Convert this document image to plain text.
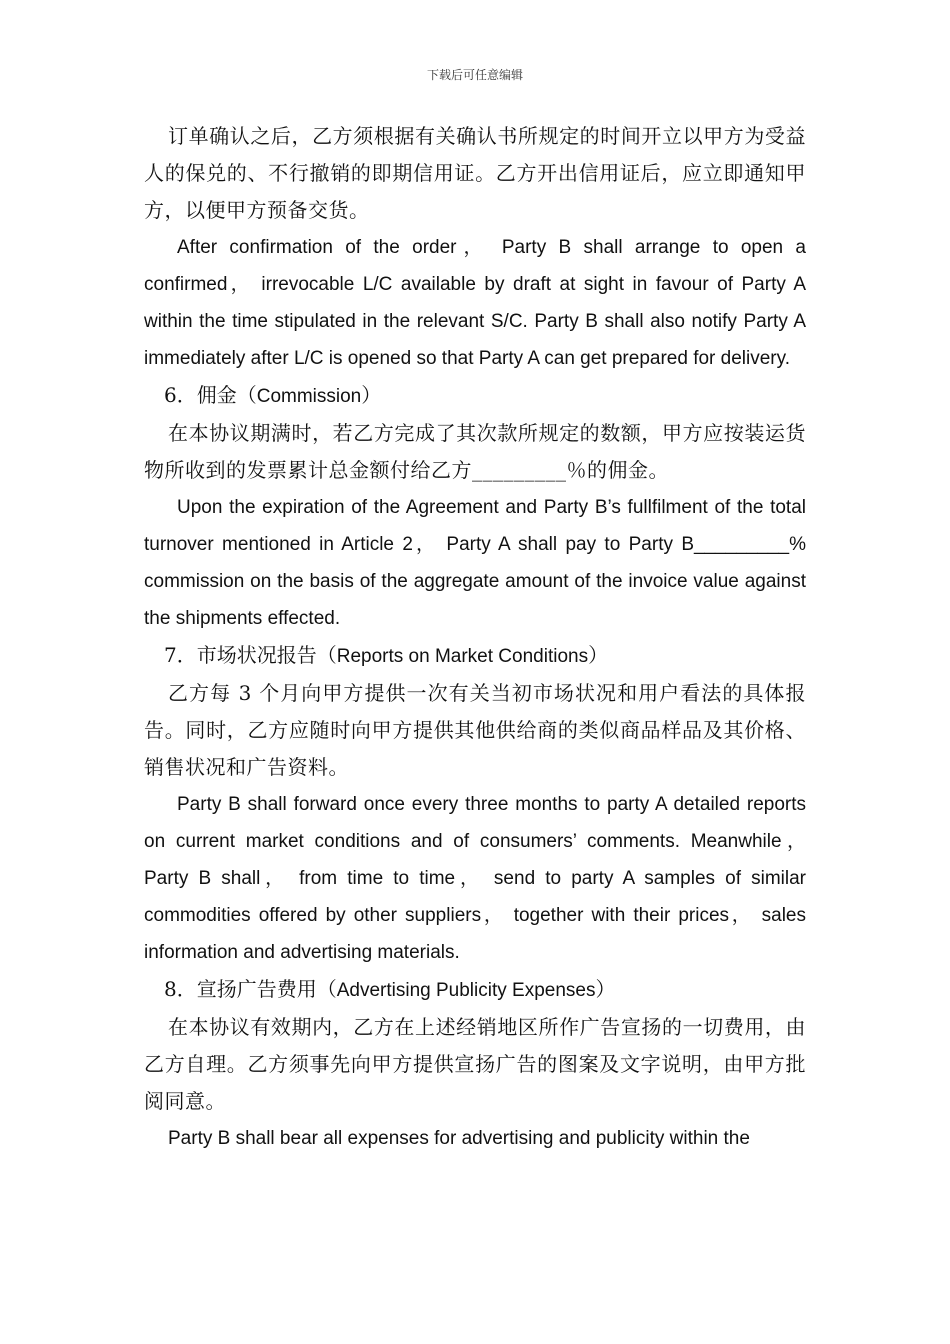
下载后可任意编辑

订单确认之后，乙方须根据有关确认书所规定的时间开立以甲方为受益人的保兑的、不行撤销的即期信用证。乙方开出信用证后，应立即通知甲方，以便甲方预备交货。

After confirmation of the order， Party B shall arrange to open a confirmed， irrevocable L/C available by draft at sight in favour of Party A within the time stipulated in the relevant S/C. Party B shall also notify Party A immediately after L/C is opened so that Party A can get prepared for delivery.

6．佣金（Commission）

在本协议期满时，若乙方完成了其次款所规定的数额，甲方应按装运货物所收到的发票累计总金额付给乙方_________％的佣金。

Upon the expiration of the Agreement and Party B’s fullfilment of the total turnover mentioned in Article 2， Party A shall pay to Party B_________% commission on the basis of the aggregate amount of the invoice value against the shipments effected.

7．市场状况报告（Reports on Market Conditions）

乙方每 3 个月向甲方提供一次有关当初市场状况和用户看法的具体报告。同时，乙方应随时向甲方提供其他供给商的类似商品样品及其价格、销售状况和广告资料。

Party B shall forward once every three months to party A detailed reports on current market conditions and of consumers’ comments. Meanwhile， Party B shall， from time to time， send to party A samples of similar commodities offered by other suppliers， together with their prices， sales information and advertising materials.

8．宣扬广告费用（Advertising Publicity Expenses）

在本协议有效期内，乙方在上述经销地区所作广告宣扬的一切费用，由乙方自理。乙方须事先向甲方提供宣扬广告的图案及文字说明，由甲方批阅同意。

Party B shall bear all expenses for advertising and publicity within the
